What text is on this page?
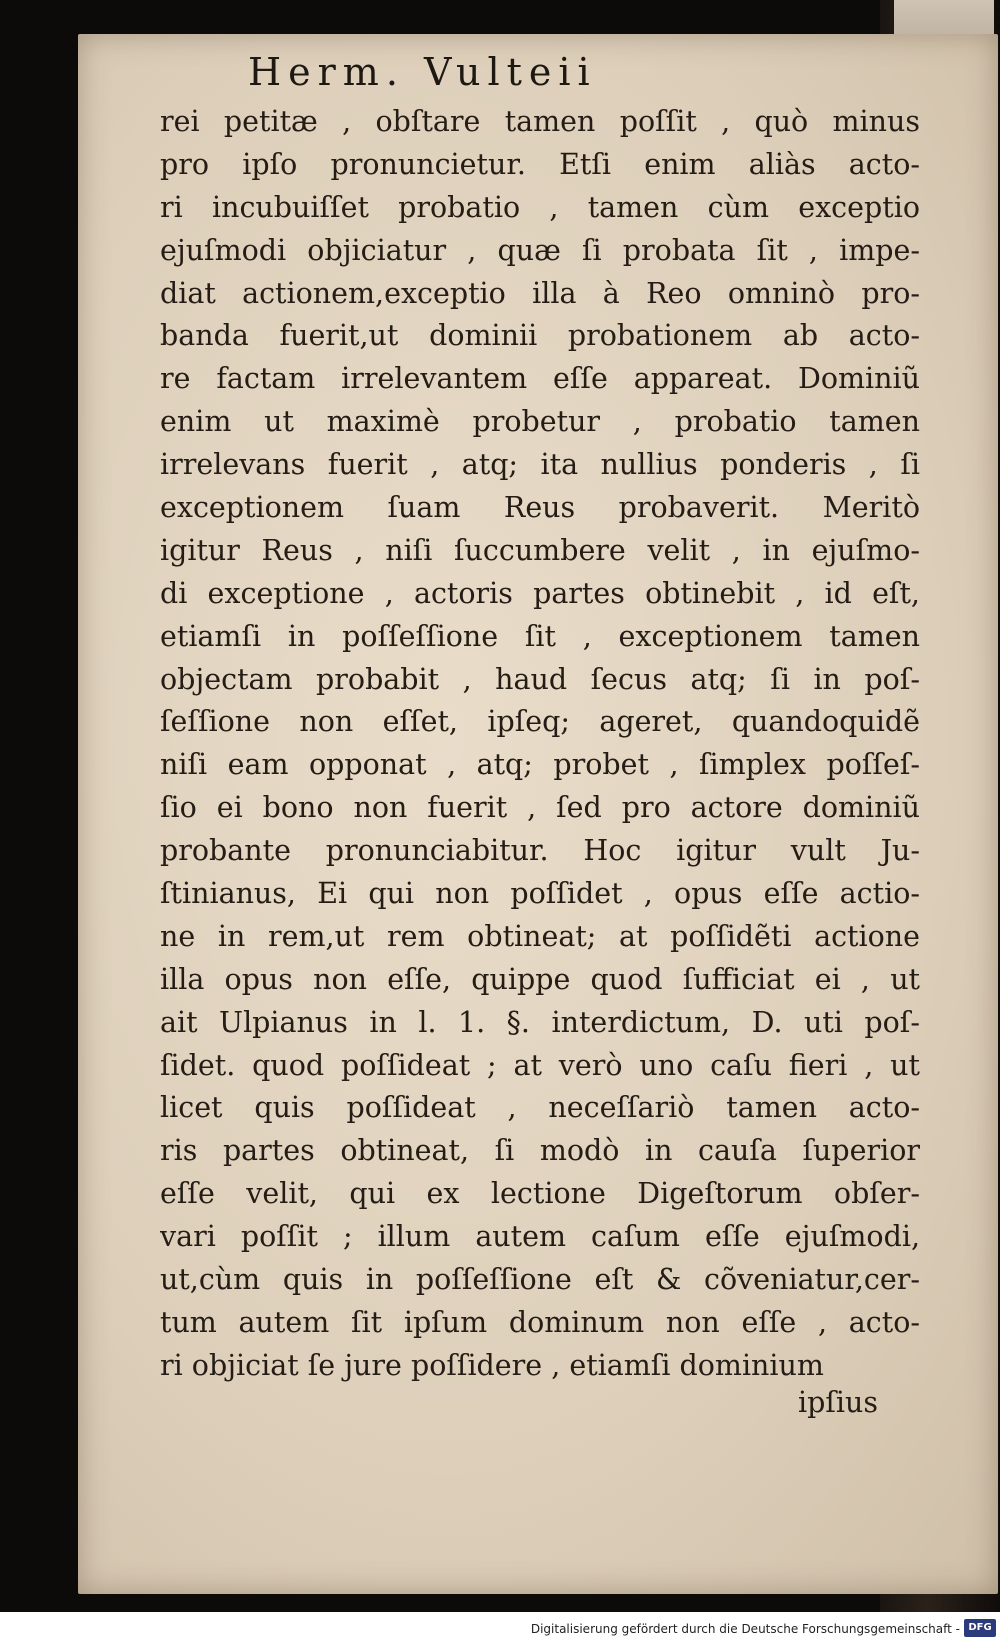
Herm. Vulteii
rei petitæ , obſtare tamen poſſit , quò minus
pro ipſo pronuncietur. Etſi enim aliàs acto-
ri incubuiſſet probatio , tamen cùm exceptio
ejuſmodi objiciatur , quæ ſi probata ſit , impe-
diat actionem,exceptio illa à Reo omninò pro-
banda fuerit,ut dominii probationem ab acto-
re factam irrelevantem eſſe appareat. Dominiũ
enim ut maximè probetur , probatio tamen
irrelevans fuerit , atq; ita nullius ponderis , ſi
exceptionem ſuam Reus probaverit. Meritò
igitur Reus , niſi ſuccumbere velit , in ejuſmo-
di exceptione , actoris partes obtinebit , id eſt,
etiamſi in poſſeſſione ſit , exceptionem tamen
objectam probabit , haud ſecus atq; ſi in poſ-
ſeſſione non eſſet, ipſeq; ageret, quandoquidẽ
niſi eam opponat , atq; probet , ſimplex poſſeſ-
ſio ei bono non fuerit , ſed pro actore dominiũ
probante pronunciabitur. Hoc igitur vult Ju-
ſtinianus, Ei qui non poſſidet , opus eſſe actio-
ne in rem,ut rem obtineat; at poſſidẽti actione
illa opus non eſſe, quippe quod ſufficiat ei , ut
ait Ulpianus in l. 1. §. interdictum, D. uti poſ-
ſidet. quod poſſideat ; at verò uno caſu fieri , ut
licet quis poſſideat , neceſſariò tamen acto-
ris partes obtineat, ſi modò in cauſa ſuperior
eſſe velit, qui ex lectione Digeſtorum obſer-
vari poſſit ; illum autem caſum eſſe ejuſmodi,
ut,cùm quis in poſſeſſione eſt & cõveniatur,cer-
tum autem ſit ipſum dominum non eſſe , acto-
ri objiciat ſe jure poſſidere , etiamſi dominium
ipſius
Digitalisierung gefördert durch die Deutsche Forschungsgemeinschaft - DFG
